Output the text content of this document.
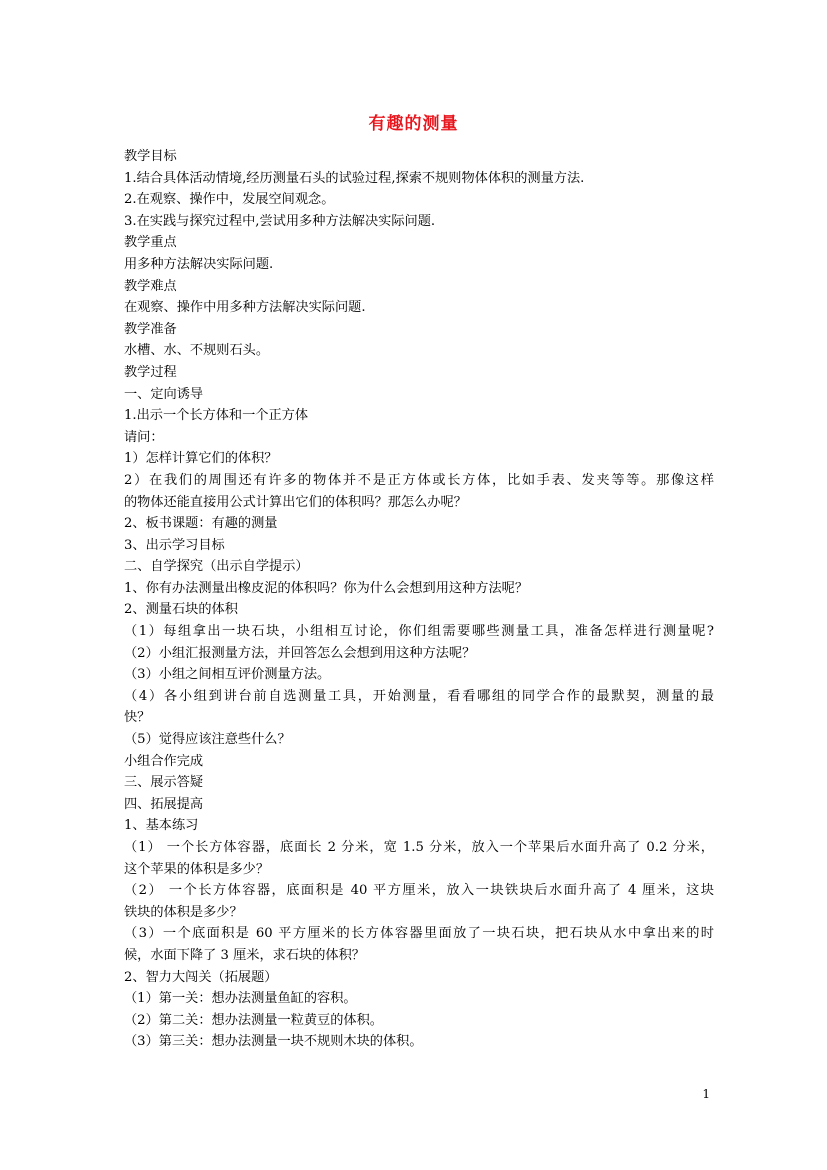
有趣的测量
教学目标
1.结合具体活动情境,经历测量石头的试验过程,探索不规则物体体积的测量方法.
2.在观察、操作中，发展空间观念。
3.在实践与探究过程中,尝试用多种方法解决实际问题.
教学重点
用多种方法解决实际问题.
教学难点
在观察、操作中用多种方法解决实际问题.
教学准备
水槽、水、不规则石头。
教学过程
一、定向诱导
1.出示一个长方体和一个正方体
请问：
1）怎样计算它们的体积？
2）在我们的周围还有许多的物体并不是正方体或长方体，比如手表、发夹等等。那像这样
的物体还能直接用公式计算出它们的体积吗？那怎么办呢？
2、板书课题：有趣的测量
3、出示学习目标
二、自学探究（出示自学提示）
1、你有办法测量出橡皮泥的体积吗？你为什么会想到用这种方法呢？
2、测量石块的体积
（1）每组拿出一块石块，小组相互讨论，你们组需要哪些测量工具，准备怎样进行测量呢?
（2）小组汇报测量方法，并回答怎么会想到用这种方法呢？
（3）小组之间相互评价测量方法。
（4）各小组到讲台前自选测量工具，开始测量，看看哪组的同学合作的最默契，测量的最
快？
（5）觉得应该注意些什么？
小组合作完成
三、展示答疑
四、拓展提高
1、基本练习
（1） 一个长方体容器，底面长 2 分米，宽 1.5 分米，放入一个苹果后水面升高了 0.2 分米，
这个苹果的体积是多少？
（2） 一个长方体容器，底面积是 40 平方厘米，放入一块铁块后水面升高了 4 厘米，这块
铁块的体积是多少？
（3）一个底面积是 60 平方厘米的长方体容器里面放了一块石块，把石块从水中拿出来的时
候，水面下降了 3 厘米，求石块的体积？
2、智力大闯关（拓展题）
（1）第一关：想办法测量鱼缸的容积。
（2）第二关：想办法测量一粒黄豆的体积。
（3）第三关：想办法测量一块不规则木块的体积。
1
